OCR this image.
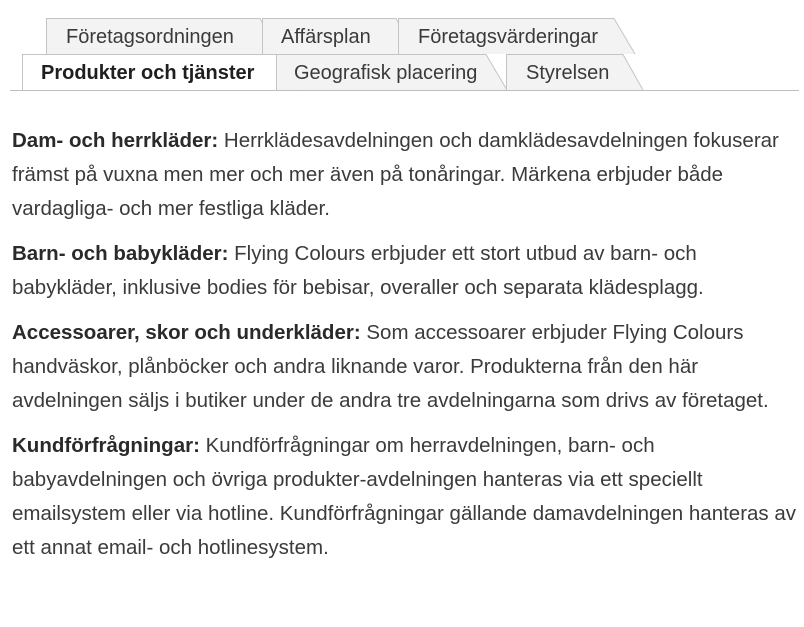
Företagsordningen Affärsplan Företagsvärderingar
Produkter och tjänster Geografisk placering Styrelsen

Dam- och herrkläder: Herrklädesavdelningen och damklädesavdelningen fokuserar främst på vuxna men mer och mer även på tonåringar. Märkena erbjuder både vardagliga- och mer festliga kläder.

Barn- och babykläder: Flying Colours erbjuder ett stort utbud av barn- och babykläder, inklusive bodies för bebisar, overaller och separata klädesplagg.

Accessoarer, skor och underkläder: Som accessoarer erbjuder Flying Colours handväskor, plånböcker och andra liknande varor. Produkterna från den här avdelningen säljs i butiker under de andra tre avdelningarna som drivs av företaget.

Kundförfrågningar: Kundförfrågningar om herravdelningen, barn- och babyavdelningen och övriga produkter-avdelningen hanteras via ett speciellt emailsystem eller via hotline. Kundförfrågningar gällande damavdelningen hanteras av ett annat email- och hotlinesystem.
